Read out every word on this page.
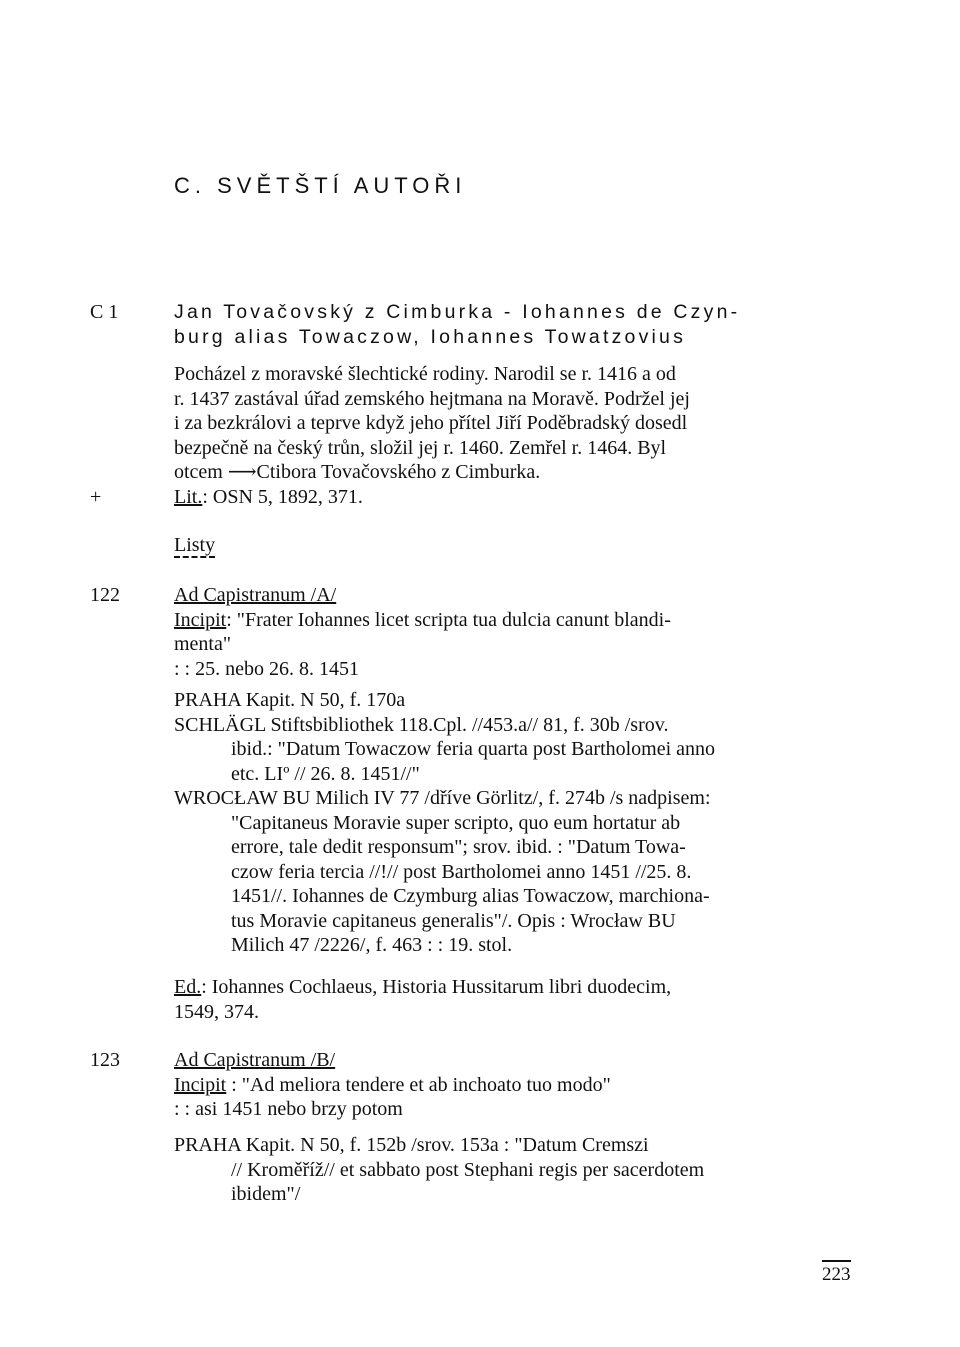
C. SVĚTŠTÍ AUTOŘI
C 1	Jan Tovačovský z Cimburka - Iohannes de Czyn-

burg alias Towaczow, Iohannes Towatzovius

Pocházel z moravské šlechtické rodiny. Narodil se r. 1416 a od

r. 1437 zastával úřad zemského hejtmana na Moravě. Podržel jej

i za bezkrálovi a teprve když jeho přítel Jiří Poděbradský dosedl

bezpečně na český trůn, složil jej r. 1460. Zemřel r. 1464. Byl

otcem ⟶Ctibora Tovačovského z Cimburka.

+	Lit.: OSN 5, 1892, 371.
Listy
122	Ad Capistranum /A/

Incipit: "Frater Iohannes licet scripta tua dulcia canunt blandi-

menta"

: : 25. nebo 26. 8. 1451

PRAHA Kapit. N 50, f. 170a

SCHLÄGL Stiftsbibliothek 118.Cpl. //453.a// 81, f. 30b /srov.

ibid.: "Datum Towaczow feria quarta post Bartholomei anno

etc. LIº // 26. 8. 1451//"

WROCŁAW BU Milich IV 77 /dříve Görlitz/, f. 274b /s nadpisem:

"Capitaneus Moravie super scripto, quo eum hortatur ab

errore, tale dedit responsum"; srov. ibid. : "Datum Towa-

czow feria tercia //!// post Bartholomei anno 1451 //25. 8.

1451//. Iohannes de Czymburg alias Towaczow, marchiona-

tus Moravie capitaneus generalis"/. Opis : Wrocław BU

Milich 47 /2226/, f. 463 : : 19. stol.

Ed.: Iohannes Cochlaeus, Historia Hussitarum libri duodecim,

1549, 374.

123	Ad Capistranum /B/

Incipit : "Ad meliora tendere et ab inchoato tuo modo"

: : asi 1451 nebo brzy potom

PRAHA Kapit. N 50, f. 152b /srov. 153a : "Datum Cremszi

// Kroměříž// et sabbato post Stephani regis per sacerdotem

ibidem"/

223
